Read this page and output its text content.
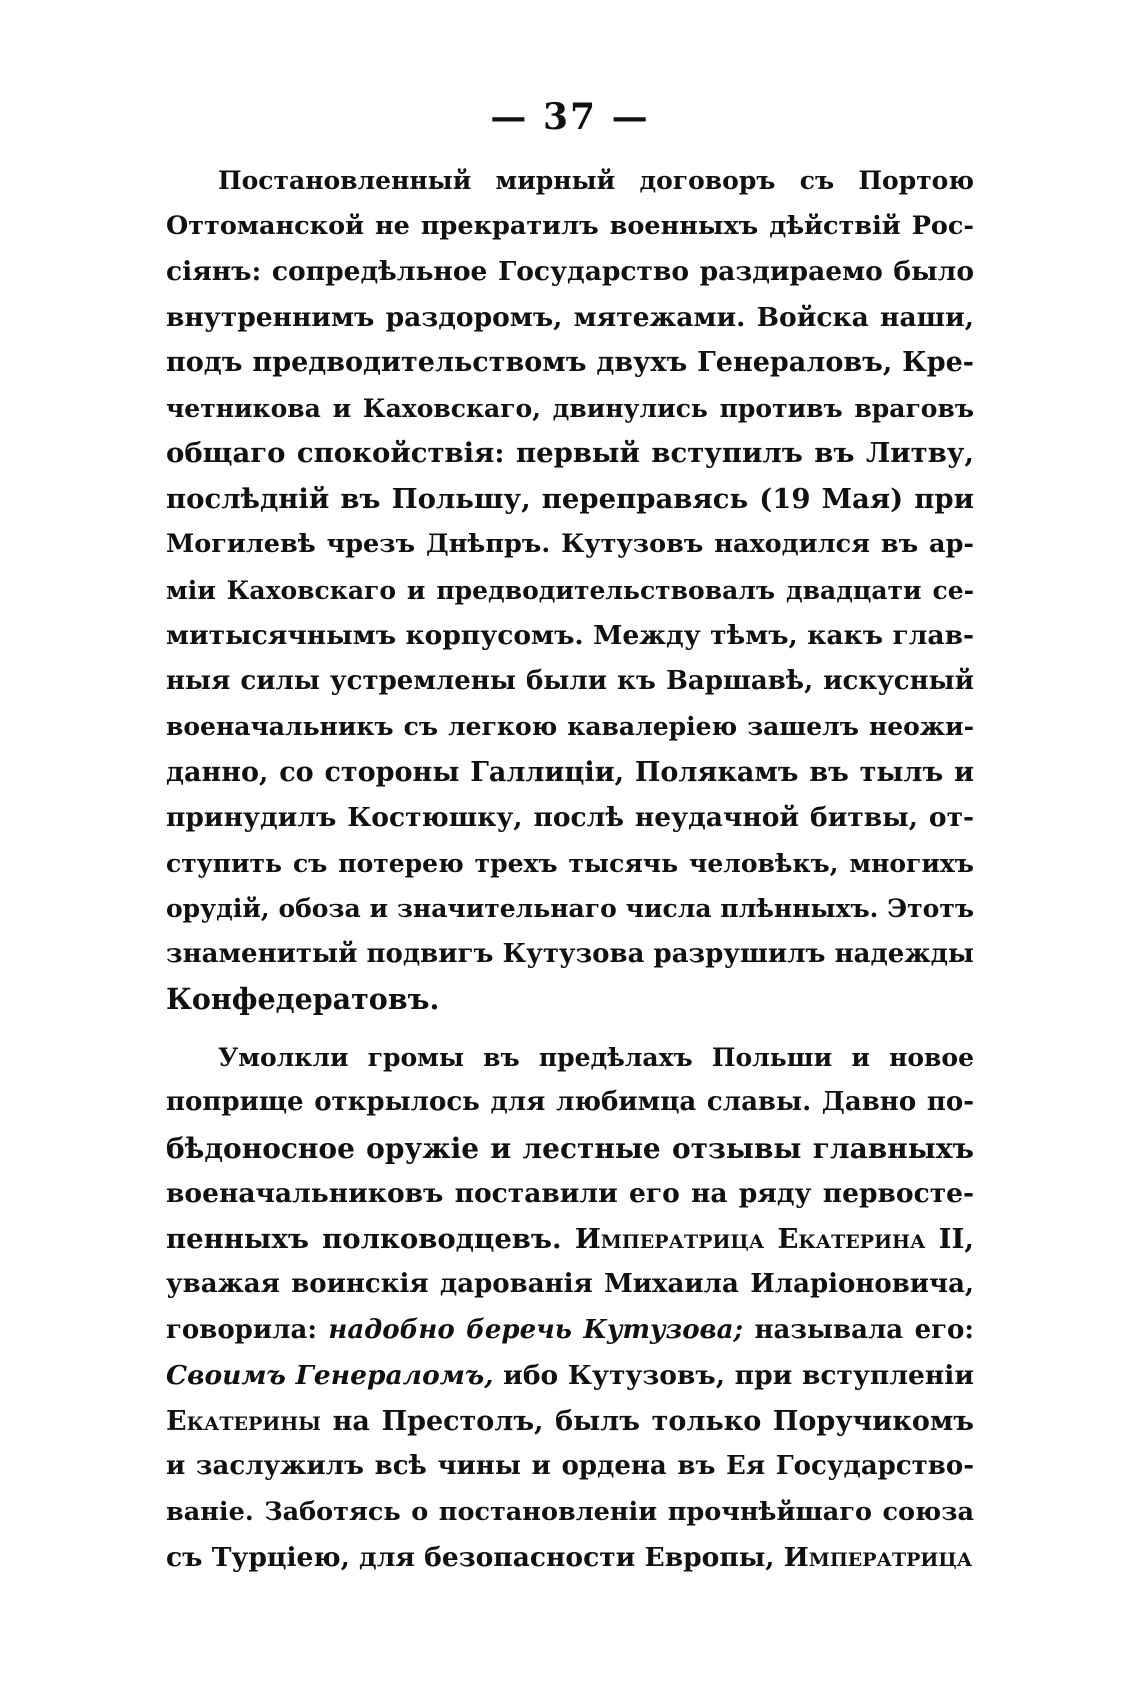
— 37 —
Постановленный мирный договоръ съ Портою
Оттоманской не прекратилъ военныхъ дѣйствій Рос-
сіянъ: сопредѣльное Государство раздираемо было
внутреннимъ раздоромъ, мятежами. Войска наши,
подъ предводительствомъ двухъ Генераловъ, Кре-
четникова и Каховскаго, двинулись противъ враговъ
общаго спокойствія: первый вступилъ въ Литву,
послѣдній въ Польшу, переправясь (19 Мая) при
Могилевѣ чрезъ Днѣпръ. Кутузовъ находился въ ар-
міи Каховскаго и предводительствовалъ двадцати се-
митысячнымъ корпусомъ. Между тѣмъ, какъ глав-
ныя силы устремлены были къ Варшавѣ, искусный
военачальникъ съ легкою кавалеріею зашелъ неожи-
данно, со стороны Галлиціи, Полякамъ въ тылъ и
принудилъ Костюшку, послѣ неудачной битвы, от-
ступить съ потерею трехъ тысячь человѣкъ, многихъ
орудій, обоза и значительнаго числа плѣнныхъ. Этотъ
знаменитый подвигъ Кутузова разрушилъ надежды
Конфедератовъ.
Умолкли громы въ предѣлахъ Польши и новое
поприще открылось для любимца славы. Давно по-
бѣдоносное оружіе и лестные отзывы главныхъ
военачальниковъ поставили его на ряду первосте-
пенныхъ полководцевъ. Императрица Екатерина II,
уважая воинскія дарованія Михаила Иларіоновича,
говорила: надобно беречь Кутузова; называла его:
Своимъ Генераломъ, ибо Кутузовъ, при вступленіи
Екатерины на Престолъ, былъ только Поручикомъ
и заслужилъ всѣ чины и ордена въ Ея Государство-
ваніе. Заботясь о постановленіи прочнѣйшаго союза
съ Турціею, для безопасности Европы, Императрица
